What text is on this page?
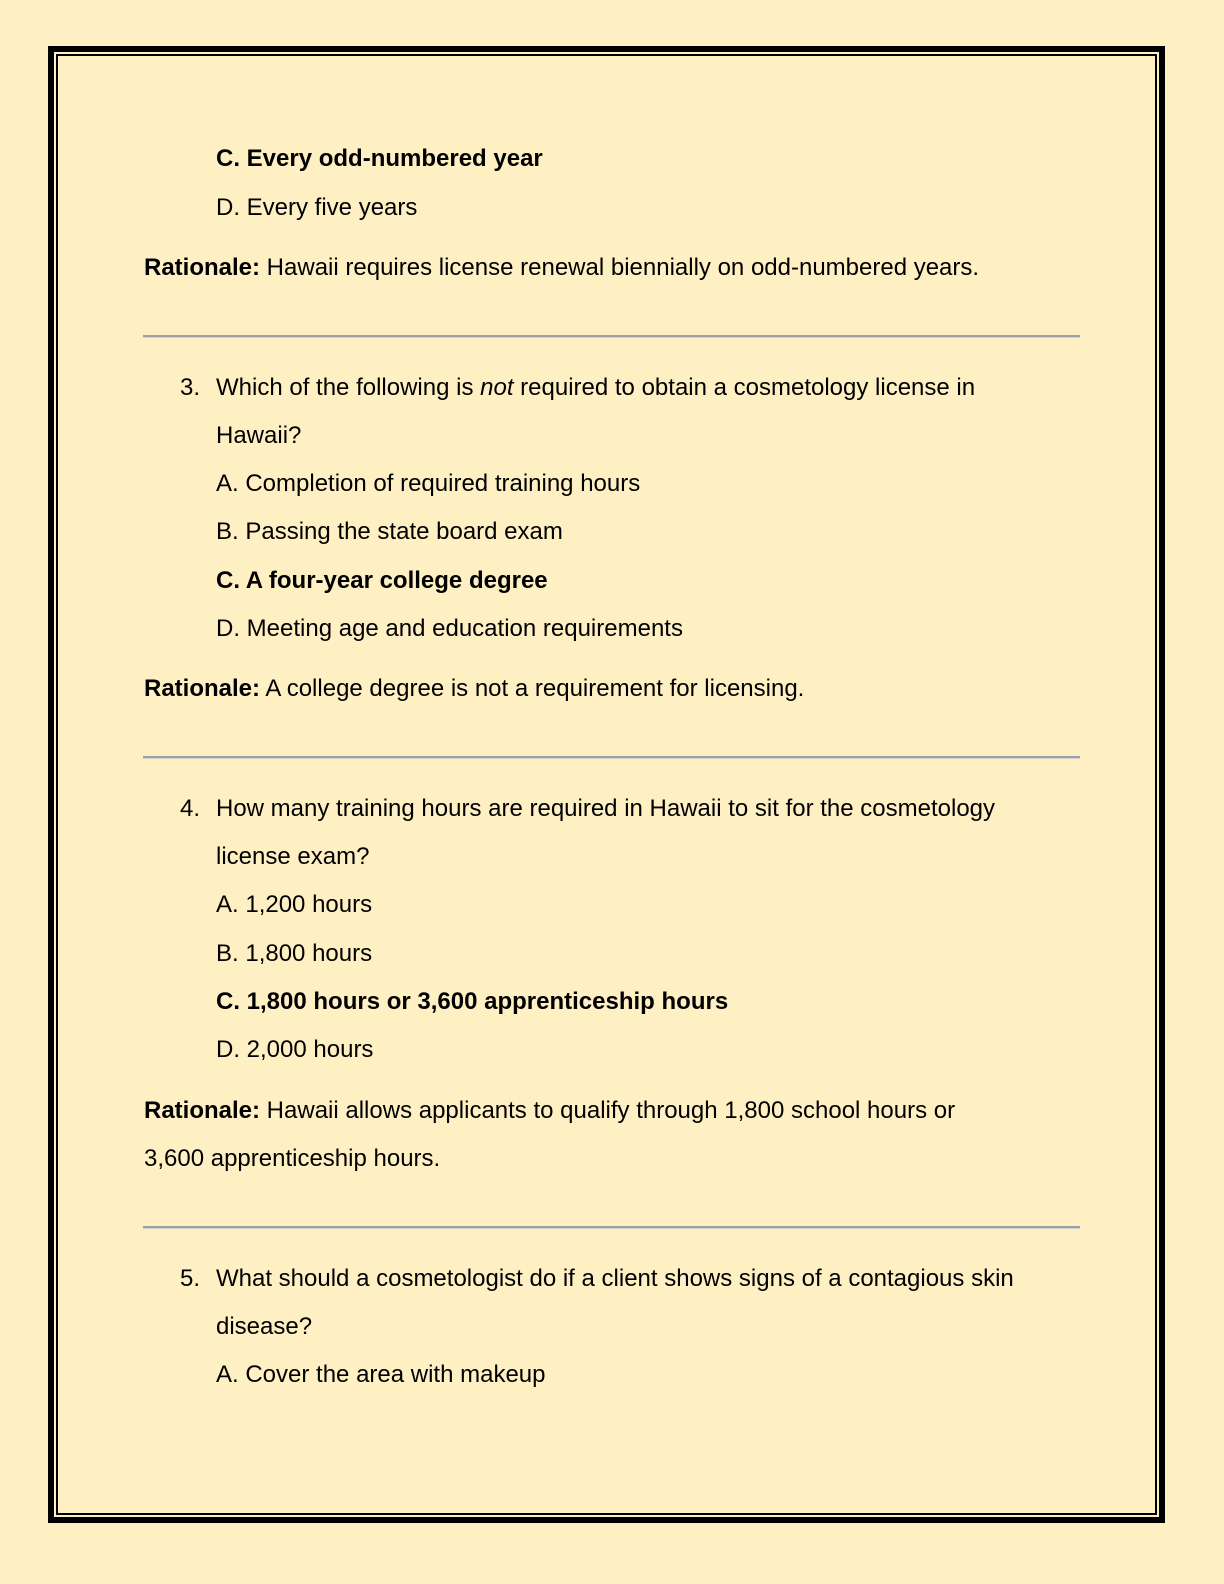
C. Every odd-numbered year
D. Every five years
Rationale: Hawaii requires license renewal biennially on odd-numbered years.
3. Which of the following is not required to obtain a cosmetology license in
Hawaii?
A. Completion of required training hours
B. Passing the state board exam
C. A four-year college degree
D. Meeting age and education requirements
Rationale: A college degree is not a requirement for licensing.
4. How many training hours are required in Hawaii to sit for the cosmetology
license exam?
A. 1,200 hours
B. 1,800 hours
C. 1,800 hours or 3,600 apprenticeship hours
D. 2,000 hours
Rationale: Hawaii allows applicants to qualify through 1,800 school hours or
3,600 apprenticeship hours.
5. What should a cosmetologist do if a client shows signs of a contagious skin
disease?
A. Cover the area with makeup
